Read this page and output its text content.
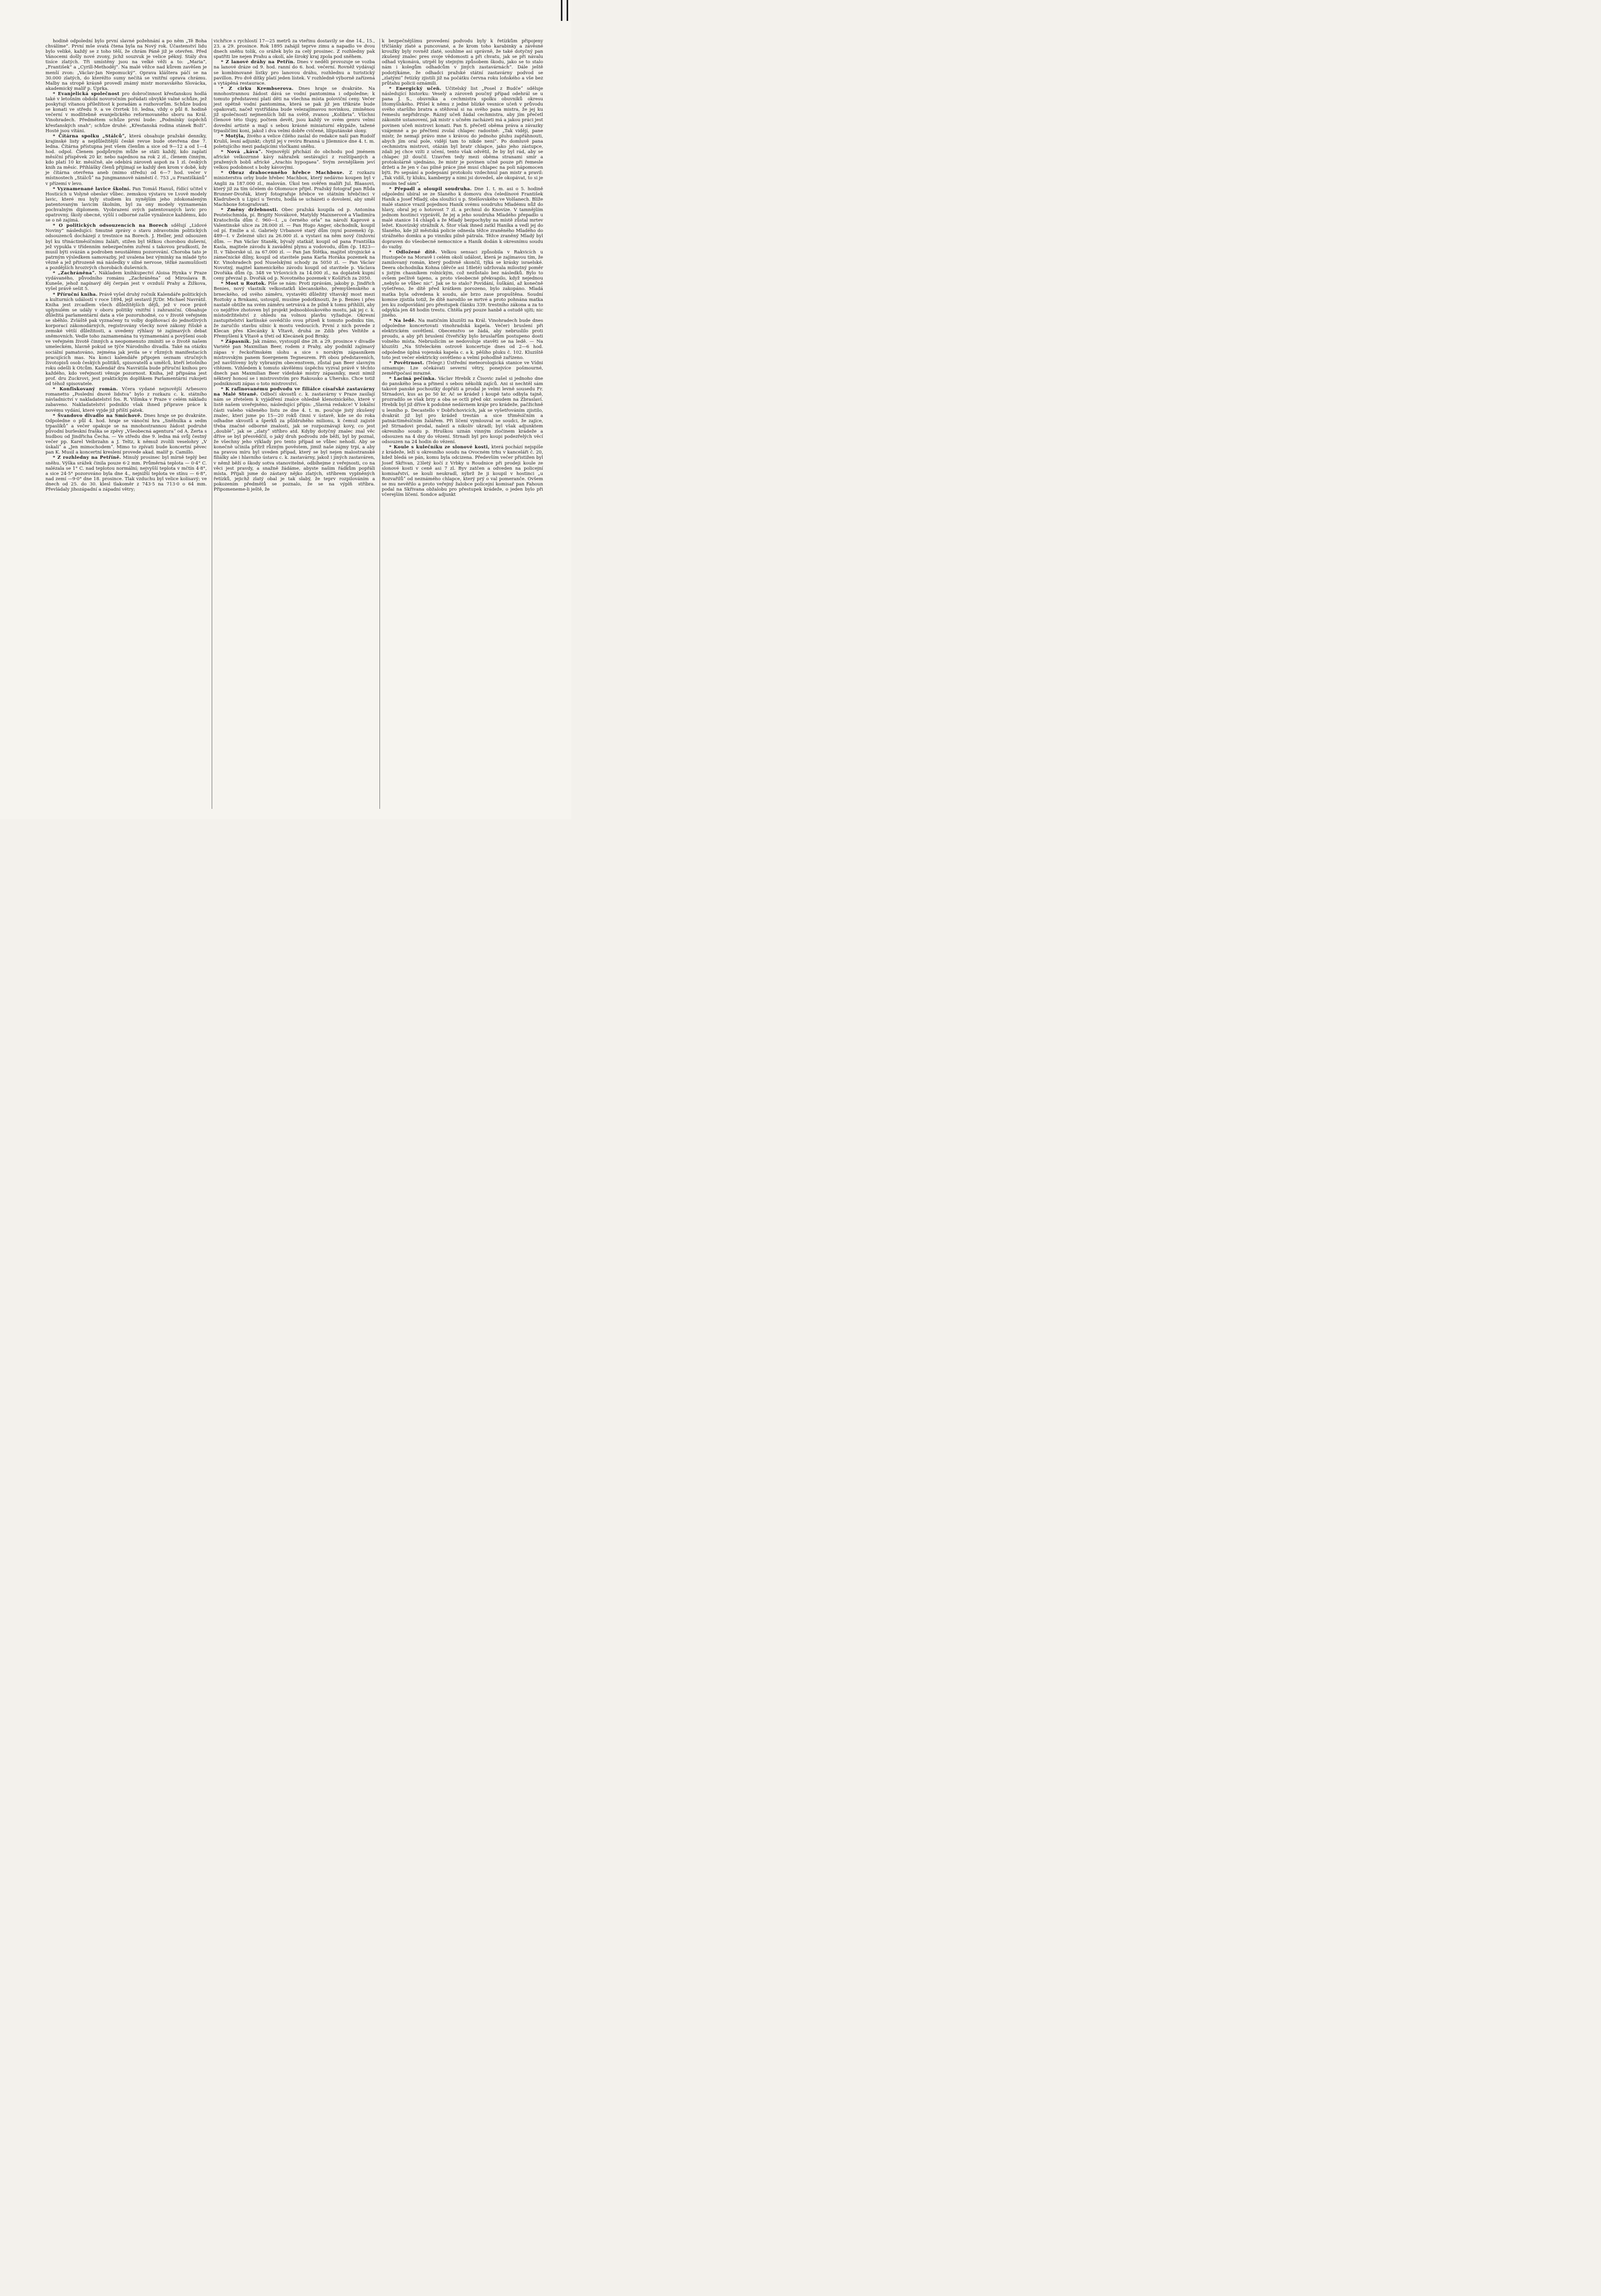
hodině odpolední bylo první slavné požehnání a po něm „Tě Boha chválíme“. První mše svatá čtena byla na Nový rok. Účastenství lidu bylo veliké, každý se z toho těší, že chrám Páně již je otevřen. Před Vánocemi došly nové zvony, jichž souzvuk je velice pěkný. Stály dva tisíce zlatých. Tři umístěny jsou na velké věži a to: „Maria“, „František“ a „Cyrill-Methoděj“. Na malé věžce nad kůrem zavěšen je menší zvon: „Václav-Jan Nepomucký“. Oprava kláštera páčí se na 30.000 zlatých, do kteréžto sumy nečítá se vnitřní oprava chrámu. Malby na stropě krásně provedl známý mistr moravského Slovácka, akademický malíř p. Úprka.

* Evanjelická společnost pro dobročinnost křesťanskou hodlá také v letošním období novoročním pořádati obvyklé valné schůze, jež poskytují vítanou příležitost k poradám a rozhovorům. Schůze budou se konati ve středu 9. a ve čtvrtek 10. ledna, vždy o půl 8. hodině večerní v modlitebně evanjelického reformovaného sboru na Král. Vinohradech. Předmětem schůze první bude: „Podmínky úspěchů křesťanských snah“; schůze druhé: „Křesťanská rodina stánek Boží“. Hosté jsou vítáni.

* Čítárna spolku „Stálcůˮ, která obsahuje pražské denníky, krajinské listy a nejdůležitější české revue bude otevřena dne 7. ledna. Čítárna přístupna jest všem členům a sice od 9—12 a od 1—4 hod. odpol. Členem podpůrným může se státi každý, kdo zaplatí měsíční příspěvek 20 kr. nebo najednou na rok 2 zl., členem činným, kdo platí 10 kr. měsíčně, ale odebírá zároveň aspoň za 1 zl. českých knih za měsíc. Přihlášky členů přijímají se každý den krom v době, kdy je čítárna otevřena aneb (mimo středu) od 6—7 hod. večer v místnostech „Stálcůˮ na Jungmannově náměstí č. 753 „u Františkánůˮ v přízemí v levo.

* Vyznamenané lavice školní. Pan Tomáš Hanuš, řídící učitel v Hosticích u Volyně obeslav vůbec. zemskou výstavu ve Lvově modely lavic, které mu byly studiem ku nynějším jeho zdokonaleným patentovaným lavicím školním, byl za ony modely vyznamenán pochvalným diplomem. Vyobrazení svých patentovaných lavic pro opatrovny, školy obecné, vyšší i odborné zašle vynálezce každému, kdo se o ně zajímá.

* O politických odsouzencích na Borech sdělují „Lidové Noviny“ následující: Smutné zprávy o stavu zdravotním politických odsouzenců docházejí z trestnice na Borech. J. Heller, jenž odsouzen byl ku třináctiměsíčnímu žaláři, stižen byl těžkou chorobou duševní, jež vypukla v třídenním nebezpečném zuření s takovou prudkostí, že musil býti svázán a podroben neustálému pozorování. Choroba tato je patrným výsledkem samovazby, jež uvalena bez výminky na mladé tyto vězně a jež přirozeně má následky v silné nervose, těžké zasmušilosti a pozdějších hrozivých chorobách duševních.

* „Zachráněnaˮ. Nákladem knihkupectví Aloisa Hynka v Praze vydávaného, původního románu „Zachráněnaˮ od Miroslava B. Kuneše, jehož napínavý děj čerpán jest v ovzduší Prahy a Žižkova, vyšel právě sešit 5.

* Příruční kniha. Právě vyšel druhý ročník Kalendáře politických a kulturních událostí v roce 1894, jejž sestavil JUDr. Michael Navrátil. Kniha jest zrcadlem všech důležitějších dějů, jež v roce právě uplynulém se udály v oboru politiky vnitřní i zahraniční. Obsahuje důležitá parlamentární data a vše pozoruhodné, co v životě veřejném se sběhlo. Zvláště pak vyznačeny tu volby doplňovací do jednotlivých korporací zákonodárných, registrovány všecky nové zákony říšské a zemské větší důležitosti, a uvedeny rýhlasy té zajímavých debat sněmovních. Vedle toho zaznamenána tu vyznamenání a povýšení osob ve veřejném životě činných a neopomenuto zmíniti se o životě našem umeleckém, hlavně pokud se týče Národního divadla. Také na otázku sociální pamatováno, zejména jak jevila se v různých manifestacích pracujících mas. Na konci kalendáře připojen seznam stručných životopisů osob českých politiků, spisovatelů a umělců, kteří letošního roku odešli k Otcům. Kalendář dra Navrátila bude příruční knihou pro každého, kdo veřejnosti věnuje pozornost. Kniha, jež připsána jest prof. dru Zuckrovi, jest praktickým doplňkem Parlamentární rukojeti od téhož spisovatele.

* Konfiskovaný román. Včera vydané nejnovější Arbesovo romanetto „Poslední dnové lidstvaˮ bylo z rozkazu c. k. státního návladnictví v nakladatelství fos. R. Vilímka v Praze v celém nákladu zabaveno. Nakladatelství podniklo však ihned příprave práce k novému vydání, které vyjde již příští pátek.

* Švandovo divadlo na Smíchově. Dnes hraje se po dvakráte. Odpoledne o půl 4. hod. hraje se vánoční hra „Sněhulka a sedm trpaslíkůˮ a večer opakuje se na mnohostrannou žádost podruhé původní burleskní fraška se zpěvy „Všeobecná agenturaˮ od A. Žerta s hudbou od Jindřicha Čecha. — Ve středu dne 9. ledna má svůj čestný večer pp. Karel Veibrzahn a J. Teltz, k němuž zvolili veselohry „V úskalíˮ a „Jen mimochodemˮ. Mimo to zpívati bude koncertní pěvec pan K. Musil a koncertní kreslení provede akad. malíř p. Camillo.

* Z rozhledny na Petříně. Minulý prosinec byl mírně teplý bez sněhu. Výška srážek činila pouze 6·2 mm. Průměrná teplota — 0·4° C. nalézala se 1° C. nad teplotou normální; nejvyšší teplota v mčtín 4·8°, a sice 24·5° pozorováno byla dne 4., nejnižší teplota ve stínu — 6·8°, nad zemí —9·0° dne 18. prosince. Tlak vzduchu byl velice kolísavý; ve dnech od 25. do 30. klesl tlakoměr z 743·5 na 713·0 o 64 mm. Převládaly jihozápadní a západní větry;

vichřice s rychlostí 17—25 metrů za vteřinu dostavily se dne 14., 15., 23. a 29. prosince. Rok 1895 zahájil teprve zimu a napadlo ve dvou dnech sněhu tolik, co srážek bylo za celý prosinec. Z rozhledny pak spatřiti lze nejen Prahu a okolí, ale široký kraj zpola pod sněhem.

* Z lanové dráhy na Petřín. Dnes v neděli provozuje se vozba na lanové dráze od 9. hod. ranní do 6. hod. večerní. Rovněž vydávají se kombinované lístky pro lanovou dráhu, rozhlednu a turistický pavillon. Pro dvě dítky platí jeden lístek. V rozhledně výborně zařízená a vytápěná restaurace.

* Z cirku Krembserova. Dnes hraje se dvakráte. Na mnohostrannou žádost dává se vodní pantomima i odpoledne; k tomuto představení platí děti na všechna místa poloviční ceny. Večer jest opětně vodní pantomima, která se pak již jen třikráte bude opakovati, načež vystřídána bude velezajímavou novinkou, zmíněnou již společností nejmenších lidí na světě, zvanou „Kolibriaˮ. Všichni členové této tlupy, počtem devět, jsou každý ve svém genru velmi dovední artisté a mají s sebou krásné miniaturní ekypáže, tažené trpasličími koni, jakož i dva velmi dobře cvičené, liliputánské slony.

* Motýla, živého a velice čilého zaslal do redakce naší pan Rudolf Kruliš, lesní adjunkt; chytil jej v revíru Branná u Jilemnice dne 4. t. m. poletujícího mezi padajícími vločkami sněhu.

* Nová „kávaˮ. Nejnovější přichází do obchodu pod jménem africké velkozrnné kávy náhražek sestávající z rozštípaných a pražených bobů africké „Arachis hypogaeaˮ. Svým zevnějškem jeví velkou podobnost s boby kávovými.

* Obraz drahocenného hřebce Machboxe. Z rozkazu ministerstva orby bude hřebec Machbox, který nedávno koupen byl v Anglii za 187.000 zl., malován. Úkol ten svěřen malíři Jul. Blaasovi, který již za tím účelem do Olomouce přijel. Pražský fotograf pan Růda Brunner-Dvořák, který fotografuje hřebce ve státním hřebčinci v Kladrubech u Lipicí u Terstu, hodlá se ucházeti o dovolení, aby směl Machboxe fotografovati.

* Změny držebnosti. Obec pražská koupila od p. Antonína Peutelschmida, pí. Brigity Novákové, Matyldy Maixnerové a Vladimíra Kratochvíla dům č. 960—I. „u černého orlaˮ na nároží Kaprové a Valentinské ulice za 28.000 zl. — Pan Hugo Anger, obchodník, koupil od pí. Emilie a sl. Gabriely Urbanové starý dům (nyní pozemek) čp. 489—I. v Železné ulici za 26.000 zl. a vystaví na něm nový činžovní dům. — Pan Václav Staněk, bývalý statkář, koupil od pana Františka Kasla, majitele závodu k zavádění plynu a vodovodu, dům čp. 1823—II. v Táborské ul. za 67.000 zl. — Pan Jan Štětka, majitel strojnické a zámečnické dílny, koupil od stavitele pana Karla Horáka pozemek na Kr. Vinohradech pod Nuselskými schody za 5050 zl. — Pan Václav Novotný, majitel kamenického závodu koupil od stavitele p. Václava Dvořáka dům čp. 348 ve Vršovicích za 14.000 zl., na doplatek kupní ceny převzal p. Dvořák od p. Novotného pozemek v Košířích za 2050.

* Most u Roztok. Píše se nám: Proti zprávám, jakoby p. Jindřich Benies, nový vlastník velkostatků klecanského, přemyšlenského a brneckého, od svého záměru, vystavěti důležitý vltavský most mezi Roztoky a Brnkami, ustoupil, musíme podotknouti, že p. Benies i přes nastalé obtíže na svém záměru setrvává a že pilně k tomu přihlíží, aby co nejdříve zhotoven byl projekt jednoobloukového mostu, jak jej c. k. místodržitelství z ohledu na volnou plavbu vyžaduje. Okresní zastupitelství karlínské osvědčilo svou přízeň k tomuto podniku tím, že zaručilo stavbu silnic k mostu vedoucích. První z nich povede z Klecan přes Klecánky k Vltavě, druhá ze Zdib přes Veltěže a Přemyšlení k Vltavě a třetí od Klecánek pod Brnky.

* Zápasník. Jak známo, vystoupil dne 28. a 29. prosince v divadle Variété pan Maxmilian Beer, rodem z Prahy, aby podnikl zajímavý zápas v řeckořímském slohu a sice s norským zápasníkem mistrovským panem Soergenem Tegneurem. Při obou představeních, jež navštíveny byly vybraným obecenstvem, zůstal pan Beer slavným vítězem. Vzhledem k tomuto skvělému úspěchu vyzval právě v těchto dnech pan Maxmilian Beer vídeňské mistry zápasníky, mezi nimiž některý honosí se i mistrovstvím pro Rakousko a Uhersko. Chce totiž podniknouti zápas o toto mistrovství.

* K rafinovanému podvodu ve filiálce císařské zastavárny na Malé Straně. Odbočí skvostů c. k. zastavárny v Praze zasílají nám se zřetelem k vyjádření znalce ohledně klenotnického, které v listě našem uveřejněno, následující přípis: „Slavná redakce! V lokální části vašeho váženého listu ze dne 4. t. m. poučuje jistý zkušený znalec, kterí jsme po 15—20 roků činni v ústavě, kde se do roka odhadne skvostů a šperků za půldruhého milionu, k čemuž zajisté třeba značné odborné znalosti, jak se rozpoznávají kovy, co jest „doubléˮ, jak se „zlatyˮ stříbro atd. Kdyby dotyčný znalec znal věc dříve se byl přesvědčil, o jaký druh podvodu zde běží, byl by poznal, že všechny jeho výklady pro tento případ se vůbec nehodí. Aby se konečně učinila přítrž různým pověstem, jimiž naše zájmy trpí, a aby na pravou míru byl uveden případ, který se byl nejen malostranské filiálky ale i hlavního ústavu c. k. zastavárny, jakož i jiných zastaváren, v němž běží o škody sotva stanovitelné, odbíhejme z veřejnosti, co na věci jest pravdy, a snažně žádáme, abyste našim řádkům popřáli místa. Přijali jsme do zástavy nějko zlatých, stříbrem vyplněných řetízků, jejichž zlatý obal je tak slabý, že teprv rozpilováním a pokozením předmětů se poznalo, že se na výplň stříbra. Připomeneme-li ještě, že

k bezpečnějšímu provedení podvodu byly k řetízkům připojeny tříčlánky zlaté a puncované, a že krom toho karabinky a závěsné kroužky byly rovněž zlaté, souhlme asi správně, že také dotyčný pan zkušený znalec pres svoje vědomosti a při chvatu, jak se při návalu odhad vykonává, utrpěl by stejným způsobem škodu, jako se to stalo nám i kolegům odhadcům v jiných zastavárnách“. Dále ještě podotýkáme, že odhadci pražské státní zastavárny podvod se „zlatýmiˮ řetízky zjistili již na počátku června roku loňského a vše bez průtahu policii oznámili.

* Energický učeň. Učitelský list „Posel z Budčeˮ sděluje následující historku: Veselý a zároveň poučný případ odehrál se u pana J. S., obuvníka a cechmistra spolku obuvníků okresu litomyšlského. Přišel k němu z jedné blízké vesnice učeň v průvodu svého staršího bratra a stěžoval si na svého pana mistra, že jej ku řemeslu nepřidrzuje. Rázný učeň žádal cechmistra, aby jím přečetl zákonité ustanovení, jak mistr s učněm zacházeti má a jakou práci jest povinen učeň mistrovi konati. Pan S. přečetl oběma práva a závazky vzájemné a po přečtení zvolal chlapec radostně: „Tak vidějí, pane mistr, že nemají právo mne s krávou do jednoho pluhu zapřáhnouti, abych jím oral pole, vidějí tam to nikde není“. Po domluvě pana cechmistra mistrovi, otázán byl bratr chlapce, jako jeho zástupce, zdali jej chce vzíti z učení, tento však odvětil, že by byl rád, aby se chlapec již doučil. Uzavřen tedy mezi oběma stranami smír a protokolárně ujednáno, že mistr je povinen učně pouze při řemesle držeti a že jen v čas pilné práce jiné musí chlapec na poli nápomocen býti. Po sepsání a podepsání protokolu vzdechnul pan mistr a pravil: „Tak vidíš, ty kluku, kamberpy a nimi jsi dovedeš, ale okopávat, to si je musím teď sám“.

* Přepadl a oloupil soudruha. Dne 1. t. m. asi o 5. hodině odpolední ubíral se ze Slaného k domovu dva čeledínové František Haník a Josef Mladý, oba sloužící u p. Stelšovského ve Volšanech. Blíže malé stanice vrazil pojednou Haník svému soudruhu Mladému nůž do hlavy, obral jej o hotovost 7 zl. a prchnul do Knovíze. V tamnějším jednom hostinci vyprávěl, že jej a jeho soudruha Mladého přepadlo u malé stanice 14 chlapů a že Mladý bezpochyby na místě zůstal mrtev ležet. Knovízský strážník A. Štor však ihned zatkl Haníka a vedl jej do Slaného, kde již městská policie odnesla těžce zraněného Mladého do strážného domku a po vinníku pilně pátrala. Těžce zraněný Mladý byl dopraven do všeobecné nemocnice a Haník dodán k okresnímu soudu do vazby.

* Odložené dítě. Velkou sensaci způsobila v Rakvicích u Hustopeče na Moravě i celém okolí událost, která je zajímavou tím, že zamilovaný román, který podivně skončil, týká se krásky israelské. Deera obchodníka Kohna (děvče asi 18leté) udržovala milostný poměr s jistým chasníkem rolnickým, což nezůstalo bez následků. Bylo to ovšem pečlivě tajeno, a proto všeobecné překvapilo, když nejednou „nebylo se vůbec nic“. Jak se to stalo? Povídání, šuškání, až konečně vyšetřeno, že dítě před krátkem porozeno, bylo zakopáno. Mladá matka byla odvedena k soudu, ale brzo zase propuštěna. Soudní komise zjistila totiž, že dítě narodilo se mrtvé a proto pohnána matka jen ku zodpovídání pro přestupek článku 339. trestního zákona a za to odpykla jen 48 hodin trestu. Chtěla prý pouze hanbě a ostudě ujíti; nic jiného.

* Na ledě. Na matičním kluzišti na Král. Vinohradech bude dnes odpoledne koncertovati vinohradská kapela. Večer) bruslení při elektrickém osvětlení. Obecenstvo se žádá, aby nebruslilo proti proudu, a aby při bruslení čtveřičky bylo bruslařům postupeno dosti volného místa. Nebruslícím se nedovoluje stavěti se na ledě. — Na kluzišti „Na Střeleckém ostrově koncertuje dnes od 2—6 hod. odpoledne úplná vojenská kapela c. a k. pěšího pluku č. 102. Kluziště toto jest večer elektricky osvětleno a velmi pohodlně zařízeno.

* Povětrnost. (Telegr.) Ústřední meteorologická stanice ve Vídni oznamuje: Lze očekávati severní větry, ponejvíce pošmourné, zeměřipočasí mrazné.

* Laciná pečínka. Václav Hrebík z Čisovic zašel si jednoho dne do panského lesa a přinesl s sebou několik zajíců. Ani si nechtěl sám takové panské pochoutky dopřáti a prodal je velmi levně sousedu Fr. Strnadovi, kus as po 50 kr. Ač se krádež i koupě tato odbyla tajně, prozradilo se však brzy a oba se octli před okr. soudem na Zbraslaví. Hrebík byl již dříve k podobné nedávnem kráje pro krádeže, pačžichně u lesního p. Decastello v Dobřichovicích, jak se vyšetřováním zjistilo, dvakrát již byl pro krádež trestán a sice třiměsíčním a patnáctiměsíčním žalářem. Při líčení vymlouval se soudci, že zajíce, jež Strnadovi prodal, nalezl a nikoliv ukradl; byl však adjunktem okresního soudu p. Hruškou uznán vinným zločinem krádeže a odsouzen na 4 dny do vězení. Strnadi byl pro koupi podezřelých věcí odsouzen na 24 hodin do vězení.

* Koule s kulečníku ze slonové kosti, která pochází nejspíše z krádeže, leží u okresního soudu na Ovocném trhu v kanceláři č. 20, kdež bledá se pán, komu byla odcizena. Především večer přistižen byl Josef Skřivan, 23letý kočí z Vrbky u Roudnice při prodeji koule ze slonové kosti v ceně asi 7 zl. Byv zatčen a odveden na policejní komisařství, se kouli neukradl, nýbrž že ji koupil v hostinci „u Rozvařilůˮ od neznámého chlapce, který prý o val pomeranče. Ovšem se mu nevěřilo a proto veřejný žalobce policejní komisař pan Fahoun podal na Skřivana obžalobu pro přestupek krádeže, o jeden bylo při včerejším líčení. Sondce adjunkt
